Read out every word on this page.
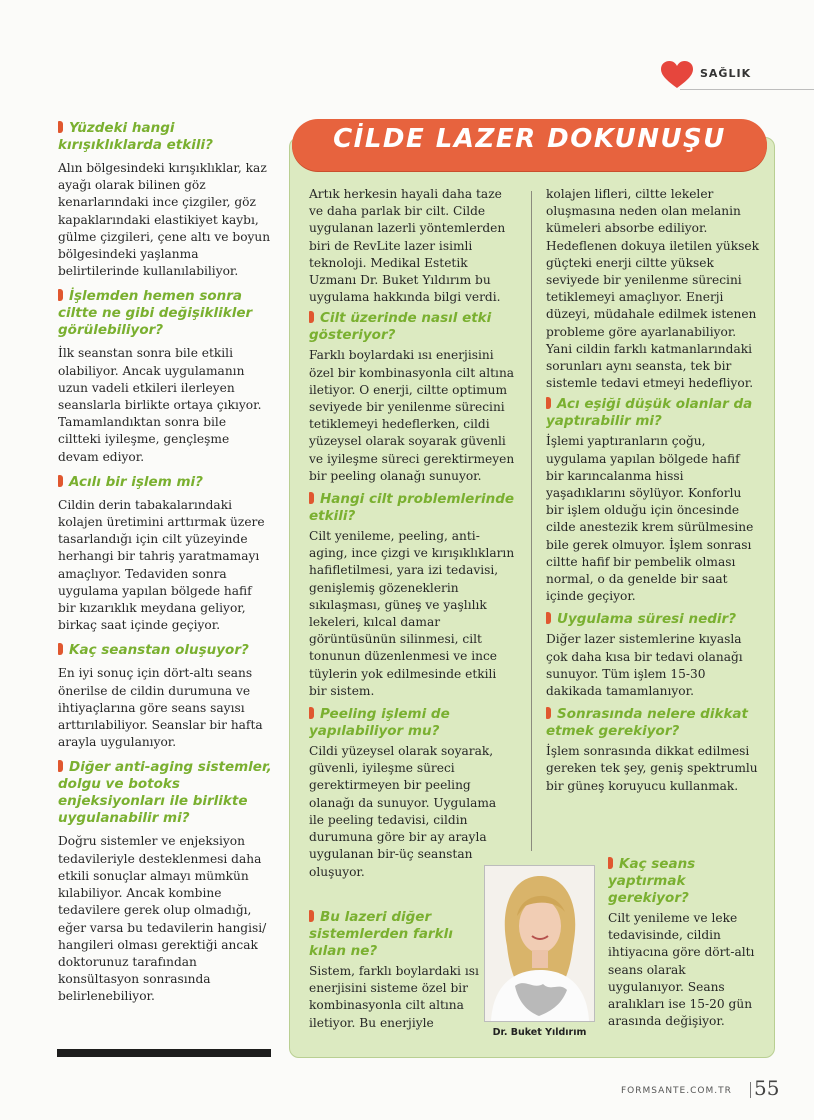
SAĞLIK
Yüzdeki hangi kırışıklıklarda etkili?
Alın bölgesindeki kırışıklıklar, kaz ayağı olarak bilinen göz kenarlarındaki ince çizgiler, göz kapaklarındaki elastikiyet kaybı, gülme çizgileri, çene altı ve boyun bölgesindeki yaşlanma belirtilerinde kullanılabiliyor.
İşlemden hemen sonra ciltte ne gibi değişiklikler görülebiliyor?
İlk seanstan sonra bile etkili olabiliyor. Ancak uygulamanın uzun vadeli etkileri ilerleyen seanslarla birlikte ortaya çıkıyor. Tamamlandıktan sonra bile ciltteki iyileşme, gençleşme devam ediyor.
Acılı bir işlem mi?
Cildin derin tabakalarındaki kolajen üretimini arttırmak üzere tasarlandığı için cilt yüzeyinde herhangi bir tahriş yaratmamayı amaçlıyor. Tedaviden sonra uygulama yapılan bölgede hafif bir kızarıklık meydana geliyor, birkaç saat içinde geçiyor.
Kaç seanstan oluşuyor?
En iyi sonuç için dört-altı seans önerilse de cildin durumuna ve ihtiyaçlarına göre seans sayısı arttırılabiliyor. Seanslar bir hafta arayla uygulanıyor.
Diğer anti-aging sistemler, dolgu ve botoks enjeksiyonları ile birlikte uygulanabilir mi?
Doğru sistemler ve enjeksiyon tedavileriyle desteklenmesi daha etkili sonuçlar almayı mümkün kılabiliyor. Ancak kombine tedavilere gerek olup olmadığı, eğer varsa bu tedavilerin hangisi/ hangileri olması gerektiği ancak doktorunuz tarafından konsültasyon sonrasında belirlenebiliyor.
CİLDE LAZER DOKUNUŞU
Artık herkesin hayali daha taze ve daha parlak bir cilt. Cilde uygulanan lazerli yöntemlerden biri de RevLite lazer isimli teknoloji. Medikal Estetik Uzmanı Dr. Buket Yıldırım bu uygulama hakkında bilgi verdi.
Cilt üzerinde nasıl etki gösteriyor?
Farklı boylardaki ısı enerjisini özel bir kombinasyonla cilt altına iletiyor. O enerji, ciltte optimum seviyede bir yenilenme sürecini tetiklemeyi hedeflerken, cildi yüzeysel olarak soyarak güvenli ve iyileşme süreci gerektirmeyen bir peeling olanağı sunuyor.
Hangi cilt problemlerinde etkili?
Cilt yenileme, peeling, anti-aging, ince çizgi ve kırışıklıkların hafifletilmesi, yara izi tedavisi, genişlemiş gözeneklerin sıkılaşması, güneş ve yaşlılık lekeleri, kılcal damar görüntüsünün silinmesi, cilt tonunun düzenlenmesi ve ince tüylerin yok edilmesinde etkili bir sistem.
Peeling işlemi de yapılabiliyor mu?
Cildi yüzeysel olarak soyarak, güvenli, iyileşme süreci gerektirmeyen bir peeling olanağı da sunuyor. Uygulama ile peeling tedavisi, cildin durumuna göre bir ay arayla uygulanan bir-üç seanstan oluşuyor.
Bu lazeri diğer sistemlerden farklı kılan ne?
Sistem, farklı boylardaki ısı enerjisini sisteme özel bir kombinasyonla cilt altına iletiyor. Bu enerjiyle
kolajen lifleri, ciltte lekeler oluşmasına neden olan melanin kümeleri absorbe ediliyor. Hedeflenen dokuya iletilen yüksek güçteki enerji ciltte yüksek seviyede bir yenilenme sürecini tetiklemeyi amaçlıyor. Enerji düzeyi, müdahale edilmek istenen probleme göre ayarlanabiliyor. Yani cildin farklı katmanlarındaki sorunları aynı seansta, tek bir sistemle tedavi etmeyi hedefliyor.
Acı eşiği düşük olanlar da yaptırabilir mi?
İşlemi yaptıranların çoğu, uygulama yapılan bölgede hafif bir karıncalanma hissi yaşadıklarını söylüyor. Konforlu bir işlem olduğu için öncesinde cilde anestezik krem sürülmesine bile gerek olmuyor. İşlem sonrası ciltte hafif bir pembelik olması normal, o da genelde bir saat içinde geçiyor.
Uygulama süresi nedir?
Diğer lazer sistemlerine kıyasla çok daha kısa bir tedavi olanağı sunuyor. Tüm işlem 15-30 dakikada tamamlanıyor.
Sonrasında nelere dikkat etmek gerekiyor?
İşlem sonrasında dikkat edilmesi gereken tek şey, geniş spektrumlu bir güneş koruyucu kullanmak.
Kaç seans yaptırmak gerekiyor?
Cilt yenileme ve leke tedavisinde, cildin ihtiyacına göre dört-altı seans olarak uygulanıyor. Seans aralıkları ise 15-20 gün arasında değişiyor.
Dr. Buket Yıldırım
FORMSANTE.COM.TR 55
